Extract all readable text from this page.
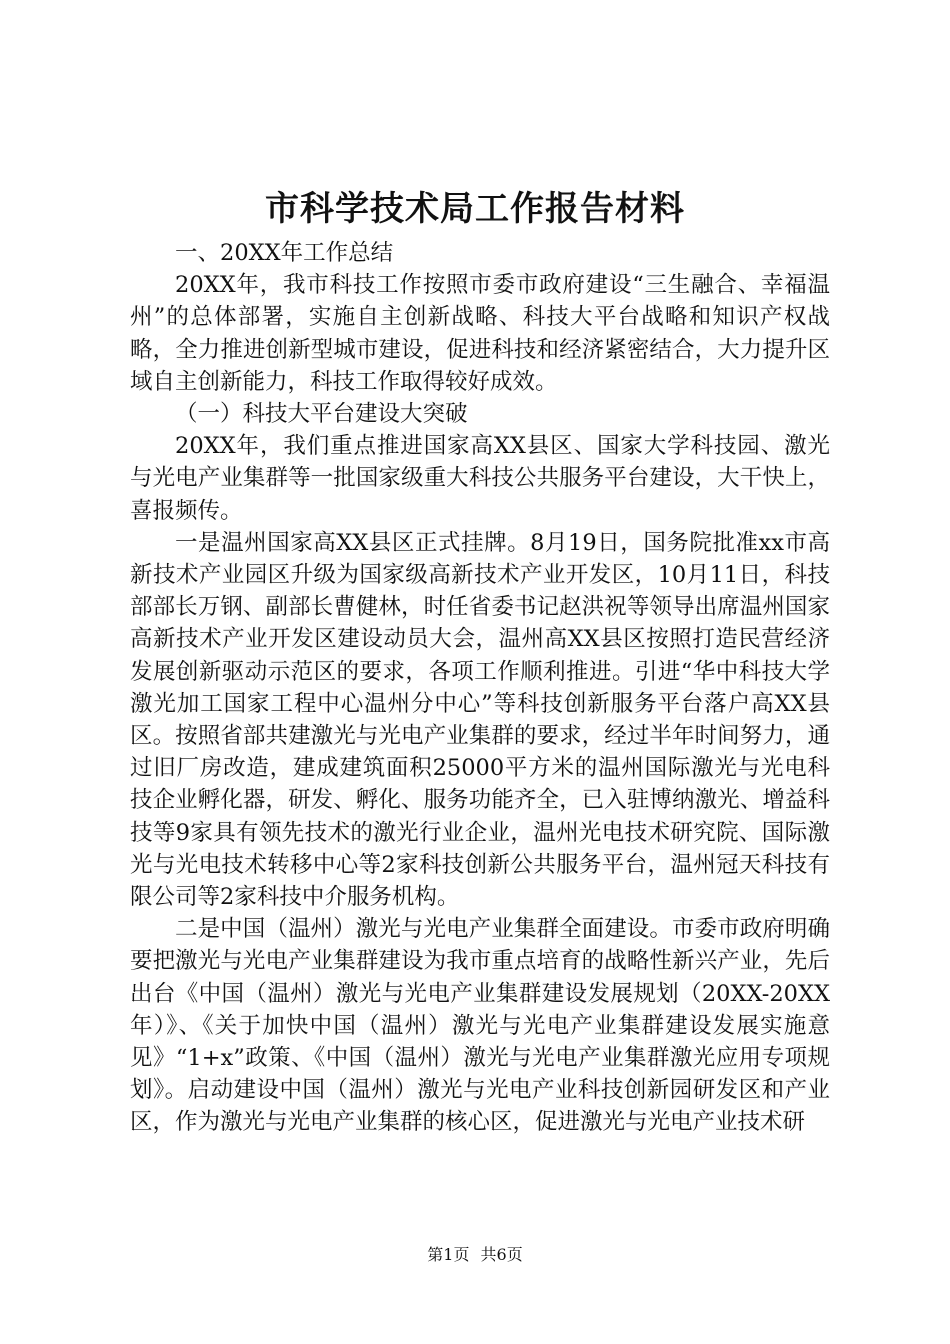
市科学技术局工作报告材料

一、20XX年工作总结

20XX年，我市科技工作按照市委市政府建设“三生融合、幸福温州”的总体部署，实施自主创新战略、科技大平台战略和知识产权战略，全力推进创新型城市建设，促进科技和经济紧密结合，大力提升区域自主创新能力，科技工作取得较好成效。

（一）科技大平台建设大突破

20XX年，我们重点推进国家高XX县区、国家大学科技园、激光与光电产业集群等一批国家级重大科技公共服务平台建设，大干快上，喜报频传。

一是温州国家高XX县区正式挂牌。8月19日，国务院批准xx市高新技术产业园区升级为国家级高新技术产业开发区，10月11日，科技部部长万钢、副部长曹健林，时任省委书记赵洪祝等领导出席温州国家高新技术产业开发区建设动员大会，温州高XX县区按照打造民营经济发展创新驱动示范区的要求，各项工作顺利推进。引进“华中科技大学激光加工国家工程中心温州分中心”等科技创新服务平台落户高XX县区。按照省部共建激光与光电产业集群的要求，经过半年时间努力，通过旧厂房改造，建成建筑面积25000平方米的温州国际激光与光电科技企业孵化器，研发、孵化、服务功能齐全，已入驻博纳激光、增益科技等9家具有领先技术的激光行业企业，温州光电技术研究院、国际激光与光电技术转移中心等2家科技创新公共服务平台，温州冠天科技有限公司等2家科技中介服务机构。

二是中国（温州）激光与光电产业集群全面建设。市委市政府明确要把激光与光电产业集群建设为我市重点培育的战略性新兴产业，先后出台《中国（温州）激光与光电产业集群建设发展规划（20XX-20XX年）》、《关于加快中国（温州）激光与光电产业集群建设发展实施意见》“1+x”政策、《中国（温州）激光与光电产业集群激光应用专项规划》。启动建设中国（温州）激光与光电产业科技创新园研发区和产业区，作为激光与光电产业集群的核心区，促进激光与光电产业技术研

第1页 共6页
